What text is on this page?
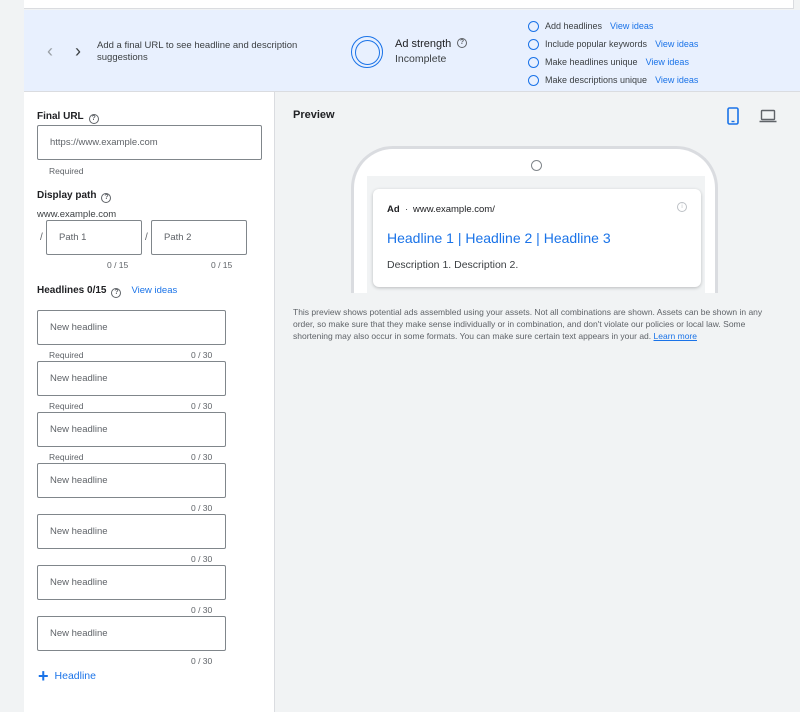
‹ ›	Add a final URL to see headline and description suggestions
Ad strength	?
Incomplete
Add headlines View ideas
Include popular keywords View ideas
Make headlines unique View ideas
Make descriptions unique View ideas
Final URL ?
https://www.example.com
Required
Display path ?
www.example.com
/ Path 1	/ Path 2
0 / 15	0 / 15
Headlines 0/15 ? View ideas
New headline
Required	0 / 30
New headline
Required	0 / 30
New headline
Required	0 / 30
New headline
0 / 30
New headline
0 / 30
New headline
0 / 30
New headline
0 / 30
+ Headline
Preview
Ad · www.example.com/	i
Headline 1 | Headline 2 | Headline 3
Description 1. Description 2.
This preview shows potential ads assembled using your assets. Not all combinations are shown. Assets can be shown in any order, so make sure that they make sense individually or in combination, and don't violate our policies or local law. Some shortening may also occur in some formats. You can make sure certain text appears in your ad. Learn more
